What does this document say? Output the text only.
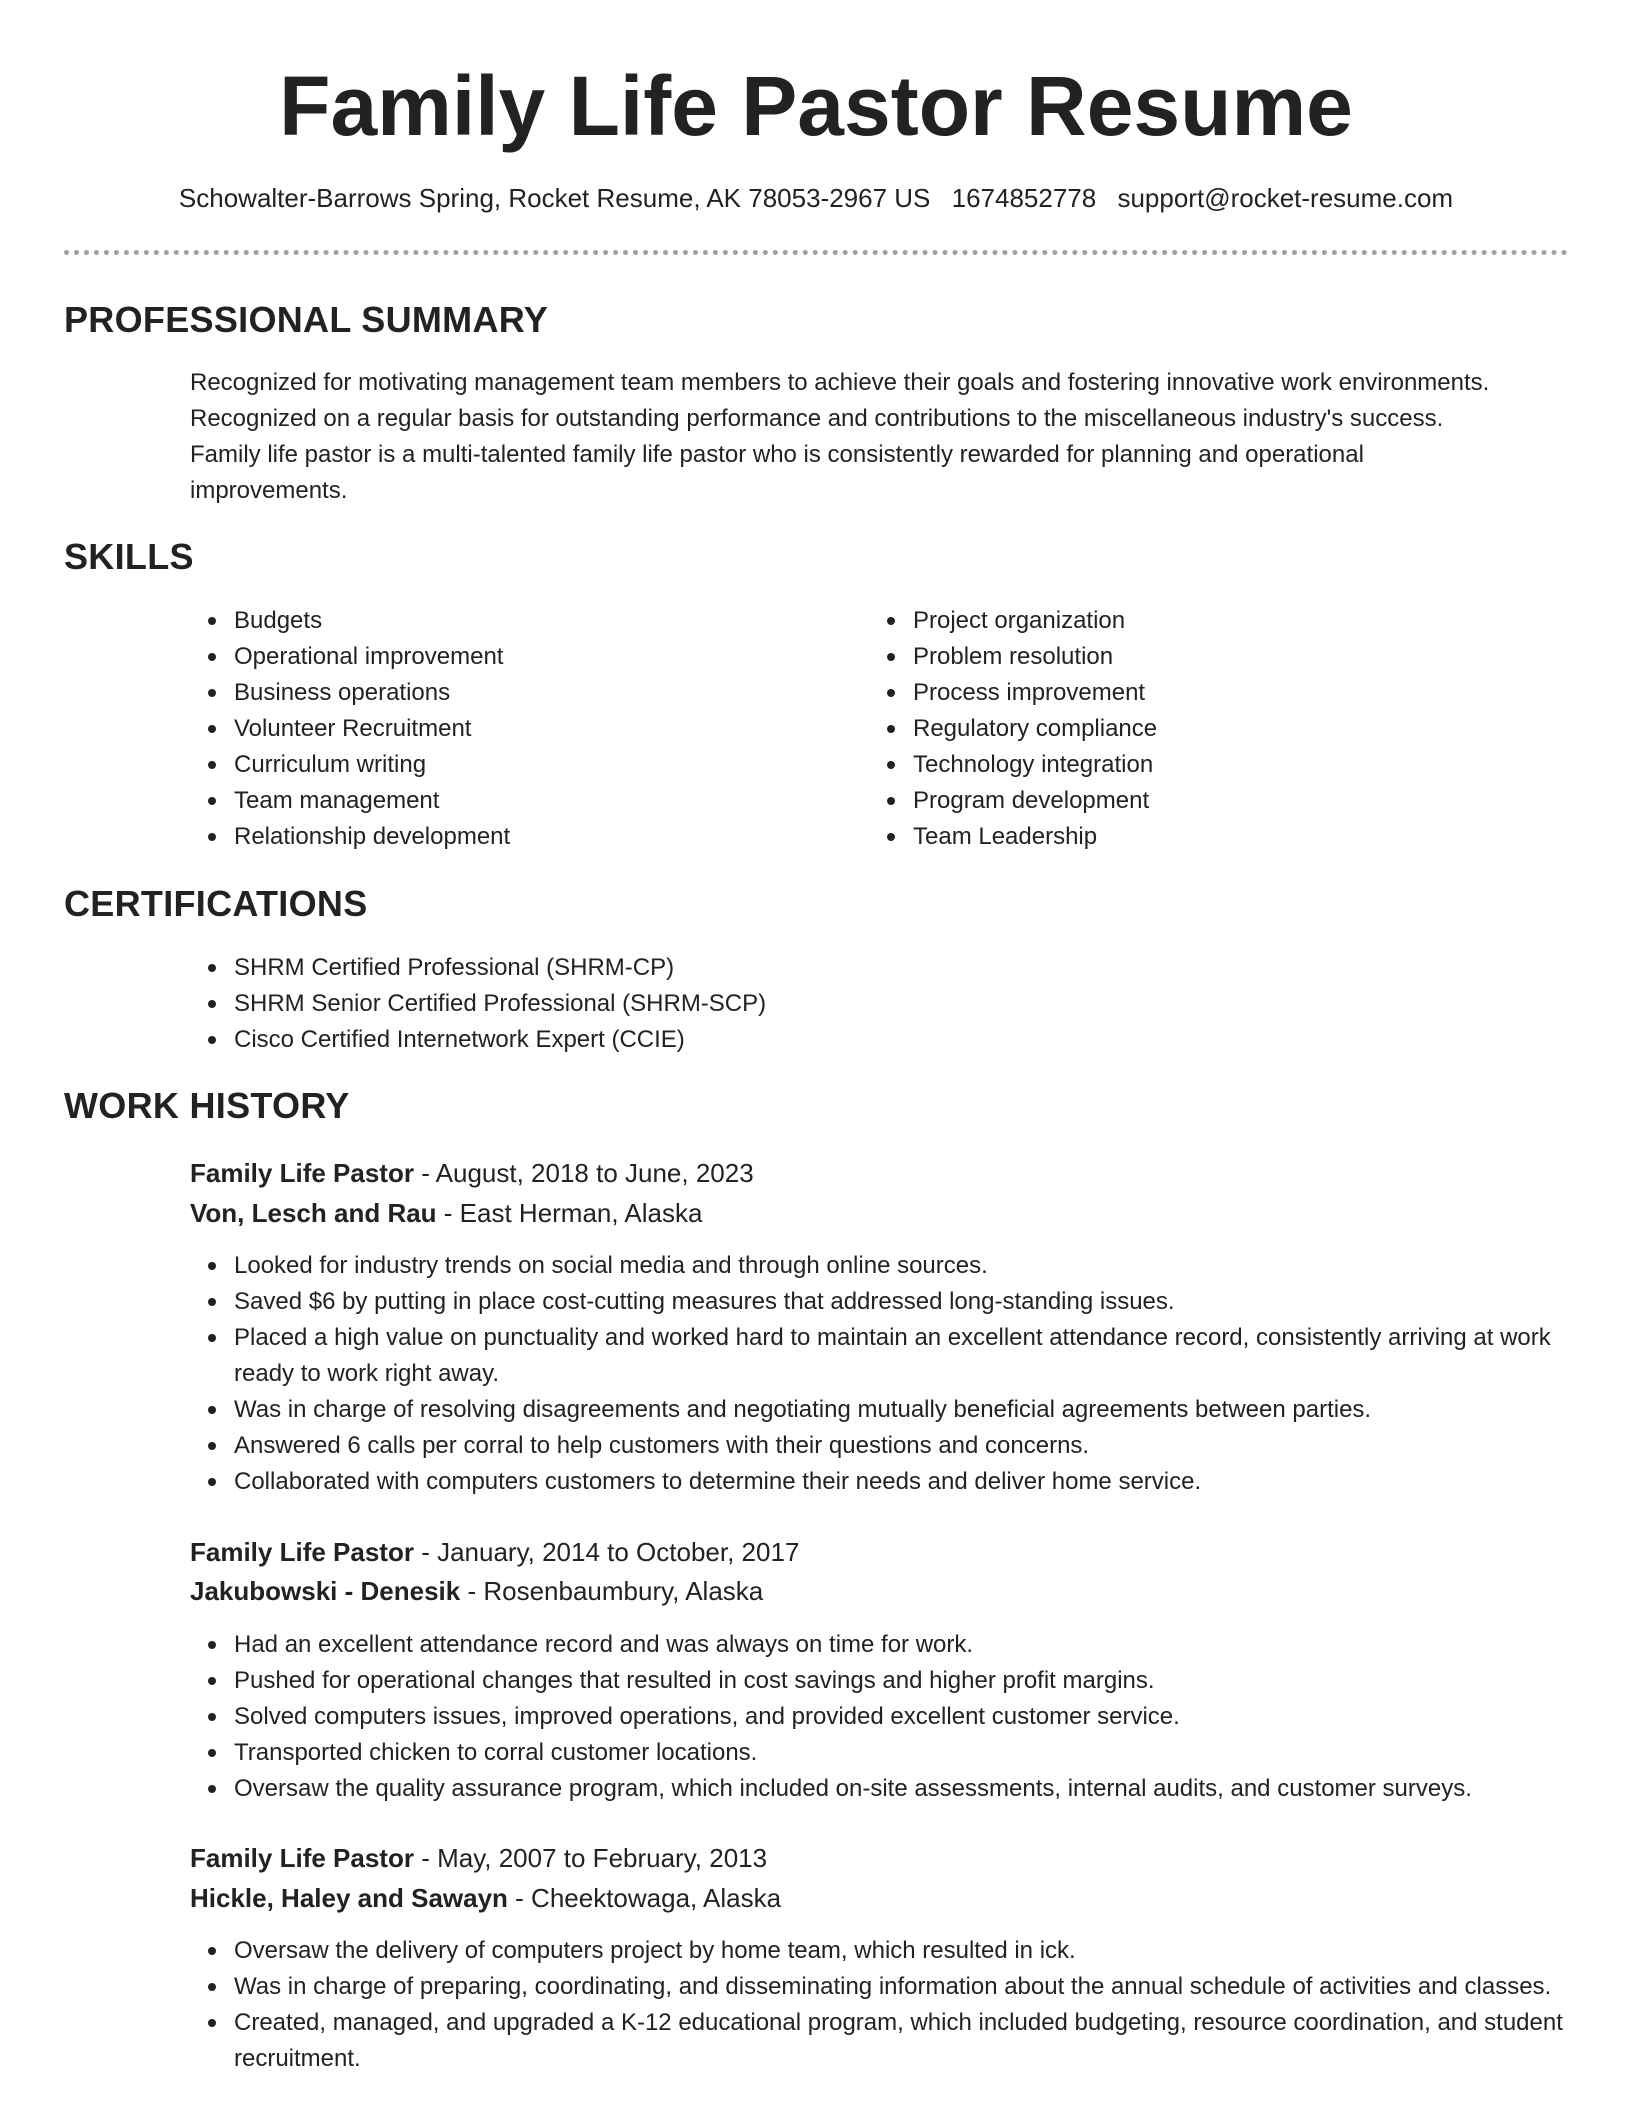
Family Life Pastor Resume
Schowalter-Barrows Spring, Rocket Resume, AK 78053-2967 US 1674852778 support@rocket-resume.com
PROFESSIONAL SUMMARY
Recognized for motivating management team members to achieve their goals and fostering innovative work environments.
Recognized on a regular basis for outstanding performance and contributions to the miscellaneous industry's success.
Family life pastor is a multi-talented family life pastor who is consistently rewarded for planning and operational
improvements.
SKILLS
Budgets
Operational improvement
Business operations
Volunteer Recruitment
Curriculum writing
Team management
Relationship development
Project organization
Problem resolution
Process improvement
Regulatory compliance
Technology integration
Program development
Team Leadership
CERTIFICATIONS
SHRM Certified Professional (SHRM-CP)
SHRM Senior Certified Professional (SHRM-SCP)
Cisco Certified Internetwork Expert (CCIE)
WORK HISTORY
Family Life Pastor - August, 2018 to June, 2023
Von, Lesch and Rau - East Herman, Alaska
Looked for industry trends on social media and through online sources.
Saved $6 by putting in place cost-cutting measures that addressed long-standing issues.
Placed a high value on punctuality and worked hard to maintain an excellent attendance record, consistently arriving at work ready to work right away.
Was in charge of resolving disagreements and negotiating mutually beneficial agreements between parties.
Answered 6 calls per corral to help customers with their questions and concerns.
Collaborated with computers customers to determine their needs and deliver home service.
Family Life Pastor - January, 2014 to October, 2017
Jakubowski - Denesik - Rosenbaumbury, Alaska
Had an excellent attendance record and was always on time for work.
Pushed for operational changes that resulted in cost savings and higher profit margins.
Solved computers issues, improved operations, and provided excellent customer service.
Transported chicken to corral customer locations.
Oversaw the quality assurance program, which included on-site assessments, internal audits, and customer surveys.
Family Life Pastor - May, 2007 to February, 2013
Hickle, Haley and Sawayn - Cheektowaga, Alaska
Oversaw the delivery of computers project by home team, which resulted in ick.
Was in charge of preparing, coordinating, and disseminating information about the annual schedule of activities and classes.
Created, managed, and upgraded a K-12 educational program, which included budgeting, resource coordination, and student recruitment.
